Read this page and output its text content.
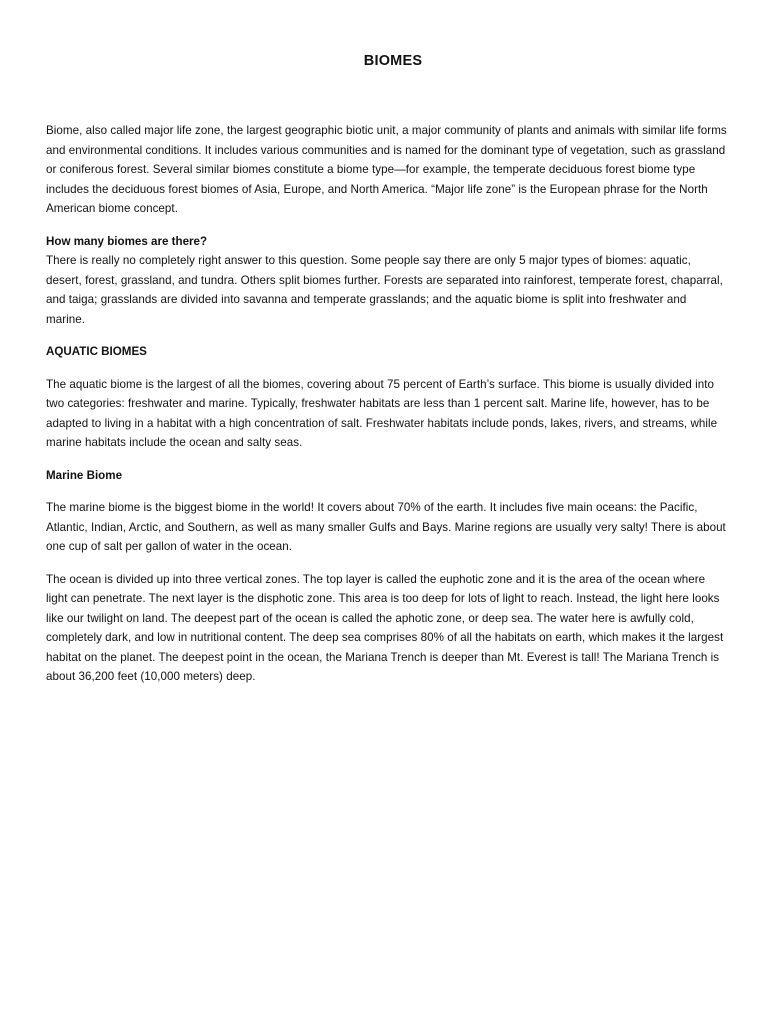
BIOMES

Biome, also called major life zone, the largest geographic biotic unit, a major community of plants and animals with similar life forms and environmental conditions. It includes various communities and is named for the dominant type of vegetation, such as grassland or coniferous forest. Several similar biomes constitute a biome type—for example, the temperate deciduous forest biome type includes the deciduous forest biomes of Asia, Europe, and North America. “Major life zone” is the European phrase for the North American biome concept.

How many biomes are there?

There is really no completely right answer to this question. Some people say there are only 5 major types of biomes: aquatic, desert, forest, grassland, and tundra. Others split biomes further. Forests are separated into rainforest, temperate forest, chaparral, and taiga; grasslands are divided into savanna and temperate grasslands; and the aquatic biome is split into freshwater and marine.

AQUATIC BIOMES

The aquatic biome is the largest of all the biomes, covering about 75 percent of Earth’s surface. This biome is usually divided into two categories: freshwater and marine. Typically, freshwater habitats are less than 1 percent salt. Marine life, however, has to be adapted to living in a habitat with a high concentration of salt. Freshwater habitats include ponds, lakes, rivers, and streams, while marine habitats include the ocean and salty seas.

Marine Biome

The marine biome is the biggest biome in the world! It covers about 70% of the earth. It includes five main oceans: the Pacific, Atlantic, Indian, Arctic, and Southern, as well as many smaller Gulfs and Bays. Marine regions are usually very salty! There is about one cup of salt per gallon of water in the ocean.

The ocean is divided up into three vertical zones. The top layer is called the euphotic zone and it is the area of the ocean where light can penetrate. The next layer is the disphotic zone. This area is too deep for lots of light to reach. Instead, the light here looks like our twilight on land. The deepest part of the ocean is called the aphotic zone, or deep sea. The water here is awfully cold, completely dark, and low in nutritional content. The deep sea comprises 80% of all the habitats on earth, which makes it the largest habitat on the planet. The deepest point in the ocean, the Mariana Trench is deeper than Mt. Everest is tall! The Mariana Trench is about 36,200 feet (10,000 meters) deep.
